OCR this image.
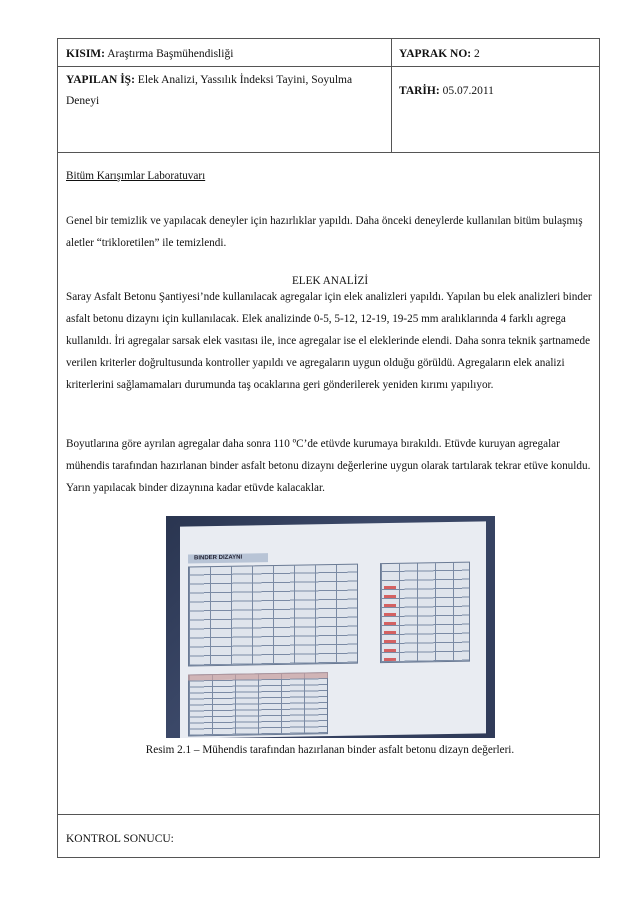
KISIM: Araştırma Başmühendisliği	YAPRAK NO: 2
YAPILAN İŞ: Elek Analizi, Yassılık İndeksi Tayini, Soyulma Deneyi
TARİH: 05.07.2011
Bitüm Karışımlar Laboratuvarı
Genel bir temizlik ve yapılacak deneyler için hazırlıklar yapıldı. Daha önceki deneylerde kullanılan bitüm bulaşmış aletler “trikloretilen” ile temizlendi.
ELEK ANALİZİ
Saray Asfalt Betonu Şantiyesi’nde kullanılacak agregalar için elek analizleri yapıldı. Yapılan bu elek analizleri binder asfalt betonu dizaynı için kullanılacak. Elek analizinde 0-5, 5-12, 12-19, 19-25 mm aralıklarında 4 farklı agrega kullanıldı. İri agregalar sarsak elek vasıtası ile, ince agregalar ise el eleklerinde elendi. Daha sonra teknik şartnamede verilen kriterler doğrultusunda kontroller yapıldı ve agregaların uygun olduğu görüldü. Agregaların elek analizi kriterlerini sağlamamaları durumunda taş ocaklarına geri gönderilerek yeniden kırımı yapılıyor.
Boyutlarına göre ayrılan agregalar daha sonra 110 ºC’de etüvde kurumaya bırakıldı. Etüvde kuruyan agregalar mühendis tarafından hazırlanan binder asfalt betonu dizaynı değerlerine uygun olarak tartılarak tekrar etüve konuldu. Yarın yapılacak binder dizaynına kadar etüvde kalacaklar.
BINDER DIZAYNI
Resim 2.1 – Mühendis tarafından hazırlanan binder asfalt betonu dizayn değerleri.
KONTROL SONUCU:
